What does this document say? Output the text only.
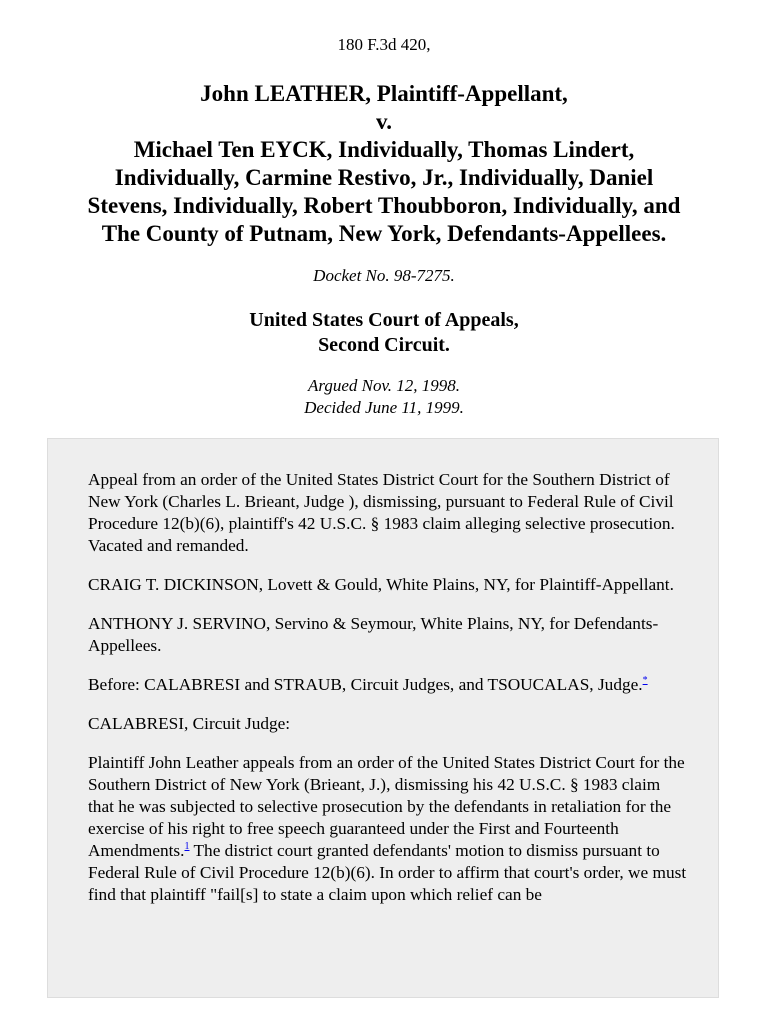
180 F.3d 420,
John LEATHER, Plaintiff-Appellant,
v.
Michael Ten EYCK, Individually, Thomas Lindert,
Individually, Carmine Restivo, Jr., Individually, Daniel
Stevens, Individually, Robert Thoubboron, Individually, and
The County of Putnam, New York, Defendants-Appellees.
Docket No. 98-7275.
United States Court of Appeals,
Second Circuit.
Argued Nov. 12, 1998.
Decided June 11, 1999.

Appeal from an order of the United States District Court for the Southern District of New York (Charles L. Brieant, Judge ), dismissing, pursuant to Federal Rule of Civil Procedure 12(b)(6), plaintiff's 42 U.S.C. § 1983 claim alleging selective prosecution. Vacated and remanded.

CRAIG T. DICKINSON, Lovett & Gould, White Plains, NY, for Plaintiff-Appellant.

ANTHONY J. SERVINO, Servino & Seymour, White Plains, NY, for Defendants-Appellees.

Before: CALABRESI and STRAUB, Circuit Judges, and TSOUCALAS, Judge.*

CALABRESI, Circuit Judge:

Plaintiff John Leather appeals from an order of the United States District Court for the Southern District of New York (Brieant, J.), dismissing his 42 U.S.C. § 1983 claim that he was subjected to selective prosecution by the defendants in retaliation for the exercise of his right to free speech guaranteed under the First and Fourteenth Amendments.$^1$ The district court granted defendants' motion to dismiss pursuant to Federal Rule of Civil Procedure 12(b)(6). In order to affirm that court's order, we must find that plaintiff "fail[s] to state a claim upon which relief can be
